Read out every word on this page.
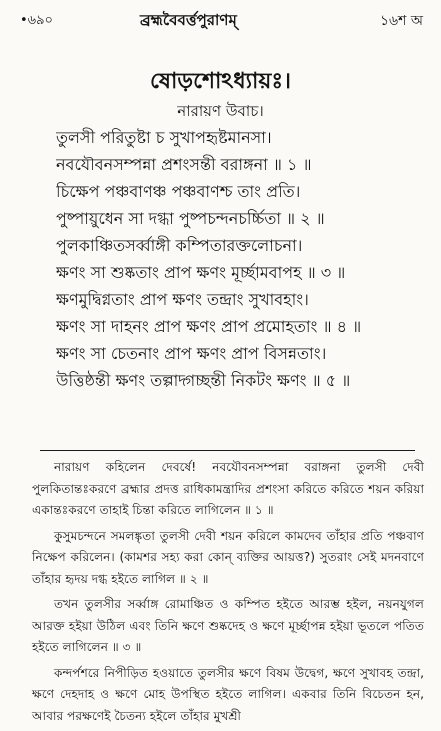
•৬৯০	ব্রহ্মবৈবর্ত্তপুরাণম্	১৬শ অ
ষোড়শোঽধ্যায়ঃ।
নারায়ণ উবাচ।
তুলসী পরিতুষ্টা চ সুখাপহৃষ্টমানসা।
নবযৌবনসম্পন্না প্রশংসন্তী বরাঙ্গনা ॥ ১ ॥
চিক্ষেপ পঞ্চবাণঞ্চ পঞ্চবাণশ্চ তাং প্রতি।
পুষ্পায়ুধেন সা দগ্ধা পুষ্পচন্দনচর্চ্চিতা ॥ ২ ॥
পুলকাঞ্চিতসর্ব্বাঙ্গী কম্পিতারক্তলোচনা।
ক্ষণং সা শুষ্কতাং প্রাপ ক্ষণং মূর্চ্ছামবাপহ ॥ ৩ ॥
ক্ষণমুদ্বিগ্নতাং প্রাপ ক্ষণং তন্দ্রাং সুখাবহাং।
ক্ষণং সা দাহনং প্রাপ ক্ষণং প্রাপ প্রমোহতাং ॥ ৪ ॥
ক্ষণং সা চেতনাং প্রাপ ক্ষণং প্রাপ বিসন্নতাং।
উত্তিষ্ঠন্তী ক্ষণং তল্পাদ্গচ্ছন্তী নিকটং ক্ষণং ॥ ৫ ॥

নারায়ণ কহিলেন দেবর্ষে! নবযৌবনসম্পন্না বরাঙ্গনা তুলসী দেবী পুলকিতান্তঃকরণে ব্রহ্মার প্রদত্ত রাধিকামন্ত্রাদির প্রশংসা করিতে করিতে শয়ন করিয়া একান্তঃকরণে তাহাই চিন্তা করিতে লাগিলেন ॥ ১ ॥

কুসুমচন্দনে সমলঙ্কৃতা তুলসী দেবী শয়ন করিলে কামদেব তাঁহার প্রতি পঞ্চবাণ নিক্ষেপ করিলেন। (কামশর সহ্য করা কোন্ ব্যক্তির আয়ত্ত?) সুতরাং সেই মদনবাণে তাঁহার হৃদয় দগ্ধ হইতে লাগিল ॥ ২ ॥

তখন তুলসীর সর্ব্বাঙ্গ রোমাঞ্চিত ও কম্পিত হইতে আরম্ভ হইল, নয়নযুগল আরক্ত হইয়া উঠিল এবং তিনি ক্ষণে শুষ্কদেহ ও ক্ষণে মূর্চ্ছাপন্ন হইয়া ভূতলে পতিত হইতে লাগিলেন ॥ ৩ ॥

কন্দর্পশরে নিপীড়িত হওয়াতে তুলসীর ক্ষণে বিষম উদ্বেগ, ক্ষণে সুখাবহ তন্দ্রা, ক্ষণে দেহদাহ ও ক্ষণে মোহ উপস্থিত হইতে লাগিল। একবার তিনি বিচেতন হন, আবার পরক্ষণেই চৈতন্য হইলে তাঁহার মুখশ্রী
